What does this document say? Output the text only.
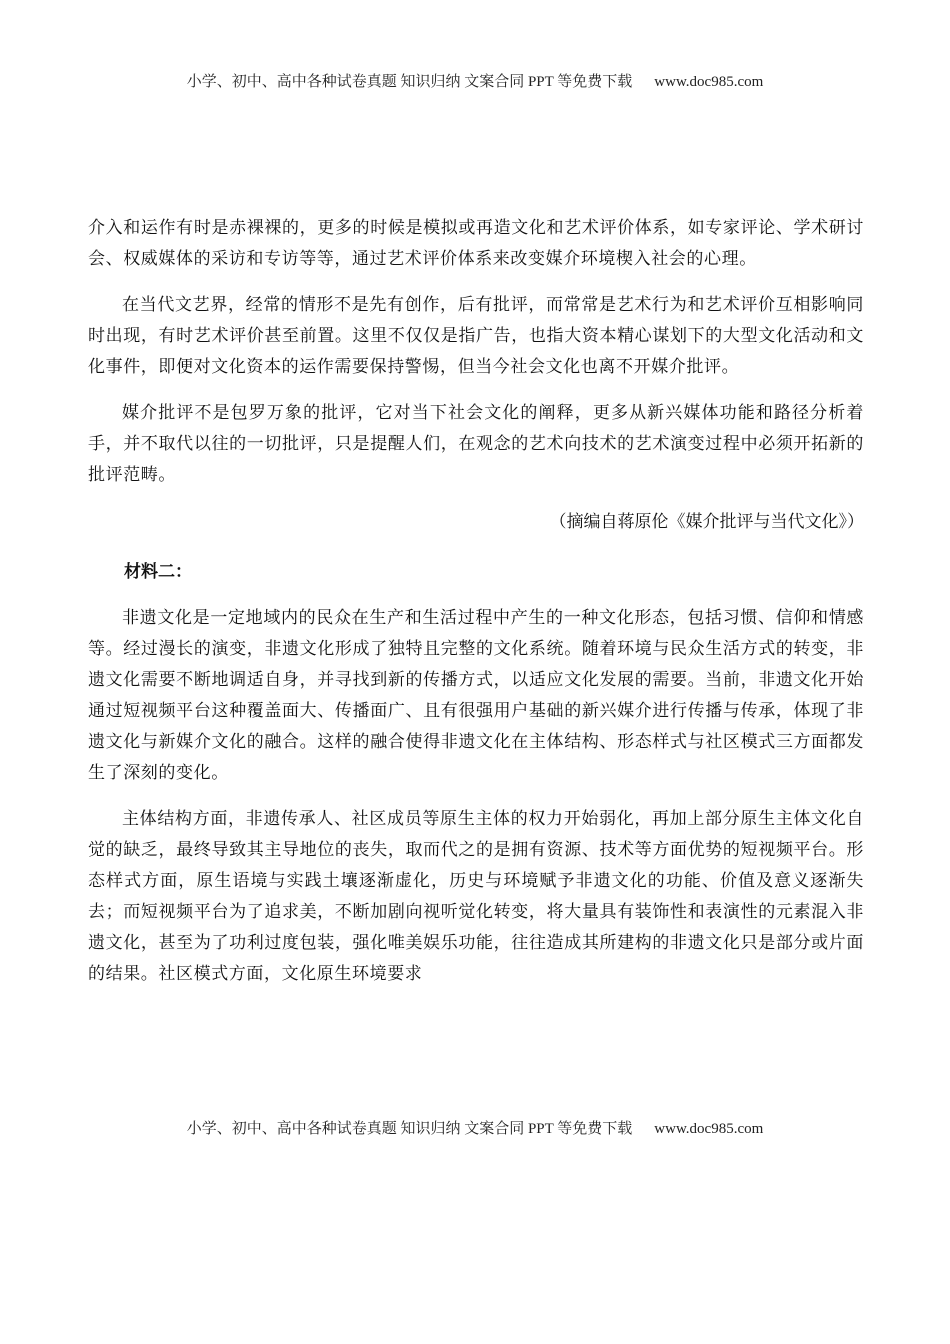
小学、初中、高中各种试卷真题 知识归纳 文案合同 PPT 等免费下载 www.doc985.com

介入和运作有时是赤裸裸的，更多的时候是模拟或再造文化和艺术评价体系，如专家评论、学术研讨会、权威媒体的采访和专访等等，通过艺术评价体系来改变媒介环境楔入社会的心理。

在当代文艺界，经常的情形不是先有创作，后有批评，而常常是艺术行为和艺术评价互相影响同时出现，有时艺术评价甚至前置。这里不仅仅是指广告，也指大资本精心谋划下的大型文化活动和文化事件，即便对文化资本的运作需要保持警惕，但当今社会文化也离不开媒介批评。

媒介批评不是包罗万象的批评，它对当下社会文化的阐释，更多从新兴媒体功能和路径分析着手，并不取代以往的一切批评，只是提醒人们，在观念的艺术向技术的艺术演变过程中必须开拓新的批评范畴。

（摘编自蒋原伦《媒介批评与当代文化》）
材料二：

非遗文化是一定地域内的民众在生产和生活过程中产生的一种文化形态，包括习惯、信仰和情感等。经过漫长的演变，非遗文化形成了独特且完整的文化系统。随着环境与民众生活方式的转变，非遗文化需要不断地调适自身，并寻找到新的传播方式，以适应文化发展的需要。当前，非遗文化开始通过短视频平台这种覆盖面大、传播面广、且有很强用户基础的新兴媒介进行传播与传承，体现了非遗文化与新媒介文化的融合。这样的融合使得非遗文化在主体结构、形态样式与社区模式三方面都发生了深刻的变化。

主体结构方面，非遗传承人、社区成员等原生主体的权力开始弱化，再加上部分原生主体文化自觉的缺乏，最终导致其主导地位的丧失，取而代之的是拥有资源、技术等方面优势的短视频平台。形态样式方面，原生语境与实践土壤逐渐虚化，历史与环境赋予非遗文化的功能、价值及意义逐渐失去；而短视频平台为了追求美，不断加剧向视听觉化转变，将大量具有装饰性和表演性的元素混入非遗文化，甚至为了功利过度包装，强化唯美娱乐功能，往往造成其所建构的非遗文化只是部分或片面的结果。社区模式方面，文化原生环境要求

小学、初中、高中各种试卷真题 知识归纳 文案合同 PPT 等免费下载 www.doc985.com
